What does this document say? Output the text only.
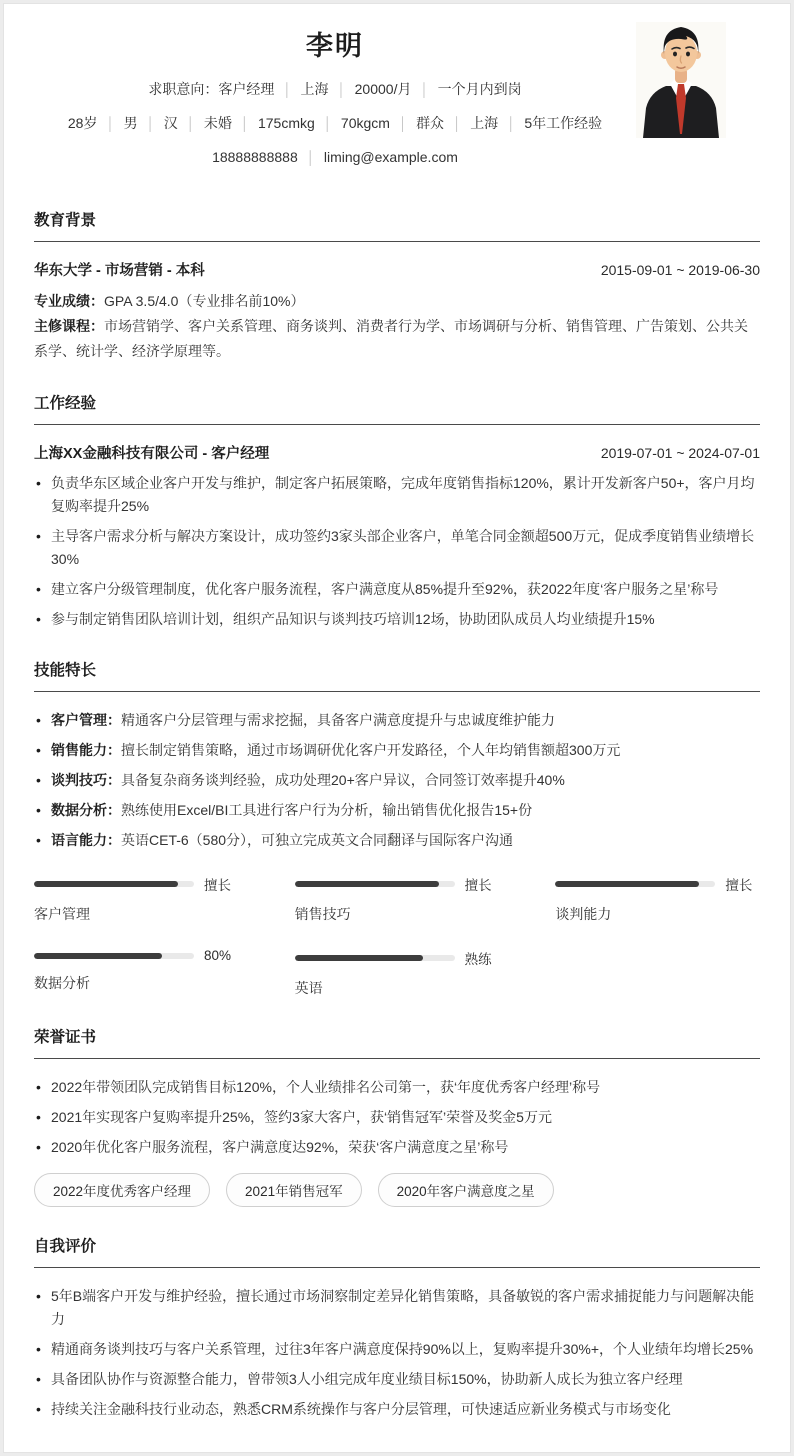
李明
求职意向：客户经理 │ 上海 │ 20000/月 │ 一个月内到岗
28岁 │ 男 │ 汉 │ 未婚 │ 175cmkg │ 70kgcm │ 群众 │ 上海 │ 5年工作经验
18888888888 │ liming@example.com
教育背景
华东大学 - 市场营销 - 本科	2015-09-01 ~ 2019-06-30
专业成绩：GPA 3.5/4.0（专业排名前10%）
主修课程：市场营销学、客户关系管理、商务谈判、消费者行为学、市场调研与分析、销售管理、广告策划、公共关系学、统计学、经济学原理等。
工作经验
上海XX金融科技有限公司 - 客户经理	2019-07-01 ~ 2024-07-01
• 负责华东区域企业客户开发与维护，制定客户拓展策略，完成年度销售指标120%，累计开发新客户50+，客户月均复购率提升25%
• 主导客户需求分析与解决方案设计，成功签约3家头部企业客户，单笔合同金额超500万元，促成季度销售业绩增长30%
• 建立客户分级管理制度，优化客户服务流程，客户满意度从85%提升至92%，获2022年度‘客户服务之星’称号
• 参与制定销售团队培训计划，组织产品知识与谈判技巧培训12场，协助团队成员人均业绩提升15%
技能特长
• 客户管理：精通客户分层管理与需求挖掘，具备客户满意度提升与忠诚度维护能力
• 销售能力：擅长制定销售策略，通过市场调研优化客户开发路径，个人年均销售额超300万元
• 谈判技巧：具备复杂商务谈判经验，成功处理20+客户异议，合同签订效率提升40%
• 数据分析：熟练使用Excel/BI工具进行客户行为分析，输出销售优化报告15+份
• 语言能力：英语CET-6（580分），可独立完成英文合同翻译与国际客户沟通
擅长
客户管理
擅长
销售技巧
擅长
谈判能力
80%
数据分析
熟练
英语
荣誉证书
• 2022年带领团队完成销售目标120%，个人业绩排名公司第一，获‘年度优秀客户经理’称号
• 2021年实现客户复购率提升25%，签约3家大客户，获‘销售冠军’荣誉及奖金5万元
• 2020年优化客户服务流程，客户满意度达92%，荣获‘客户满意度之星’称号
2022年度优秀客户经理	2021年销售冠军	2020年客户满意度之星
自我评价
• 5年B端客户开发与维护经验，擅长通过市场洞察制定差异化销售策略，具备敏锐的客户需求捕捉能力与问题解决能力
• 精通商务谈判技巧与客户关系管理，过往3年客户满意度保持90%以上，复购率提升30%+，个人业绩年均增长25%
• 具备团队协作与资源整合能力，曾带领3人小组完成年度业绩目标150%，协助新人成长为独立客户经理
• 持续关注金融科技行业动态，熟悉CRM系统操作与客户分层管理，可快速适应新业务模式与市场变化
